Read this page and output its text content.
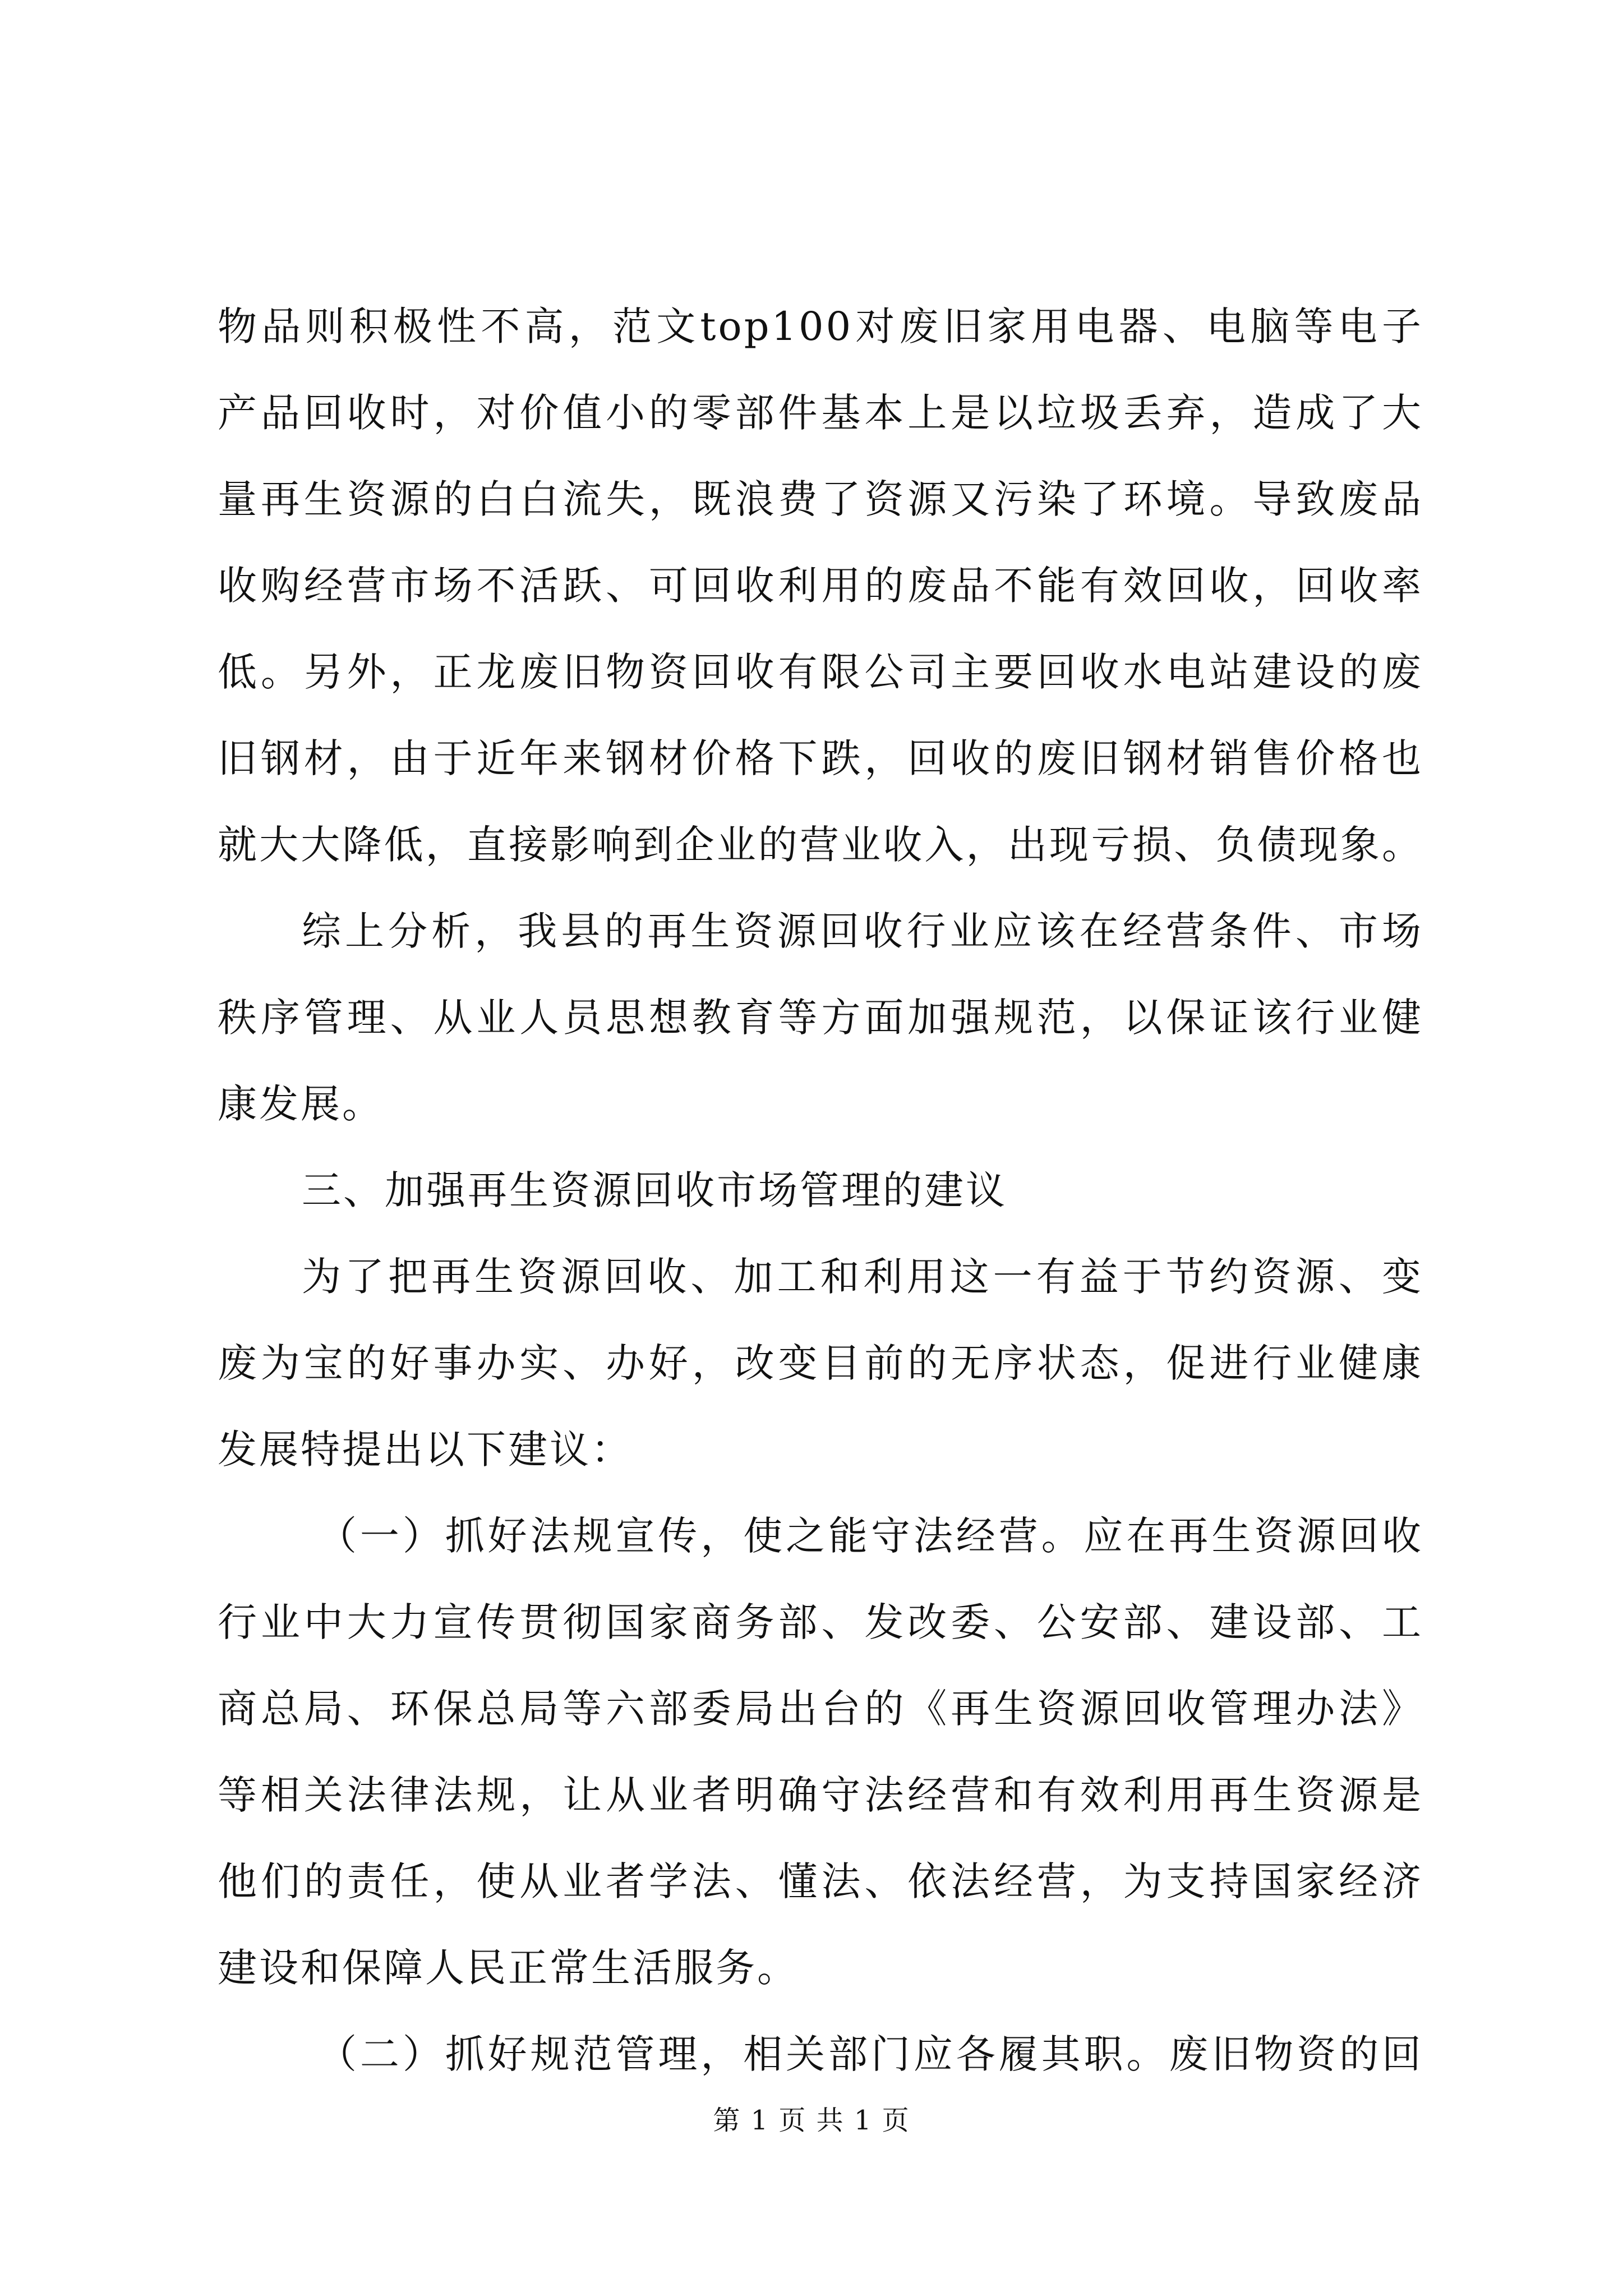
物品则积极性不高，范文top100对废旧家用电器、电脑等电子
产品回收时，对价值小的零部件基本上是以垃圾丢弃，造成了大
量再生资源的白白流失，既浪费了资源又污染了环境。导致废品
收购经营市场不活跃、可回收利用的废品不能有效回收，回收率
低。另外，正龙废旧物资回收有限公司主要回收水电站建设的废
旧钢材，由于近年来钢材价格下跌，回收的废旧钢材销售价格也
就大大降低，直接影响到企业的营业收入，出现亏损、负债现象。
综上分析，我县的再生资源回收行业应该在经营条件、市场
秩序管理、从业人员思想教育等方面加强规范，以保证该行业健
康发展。
三、加强再生资源回收市场管理的建议
为了把再生资源回收、加工和利用这一有益于节约资源、变
废为宝的好事办实、办好，改变目前的无序状态，促进行业健康
发展特提出以下建议：
（一）抓好法规宣传，使之能守法经营。应在再生资源回收
行业中大力宣传贯彻国家商务部、发改委、公安部、建设部、工
商总局、环保总局等六部委局出台的《再生资源回收管理办法》
等相关法律法规，让从业者明确守法经营和有效利用再生资源是
他们的责任，使从业者学法、懂法、依法经营，为支持国家经济
建设和保障人民正常生活服务。
（二）抓好规范管理，相关部门应各履其职。废旧物资的回
第 1 页 共 1 页
